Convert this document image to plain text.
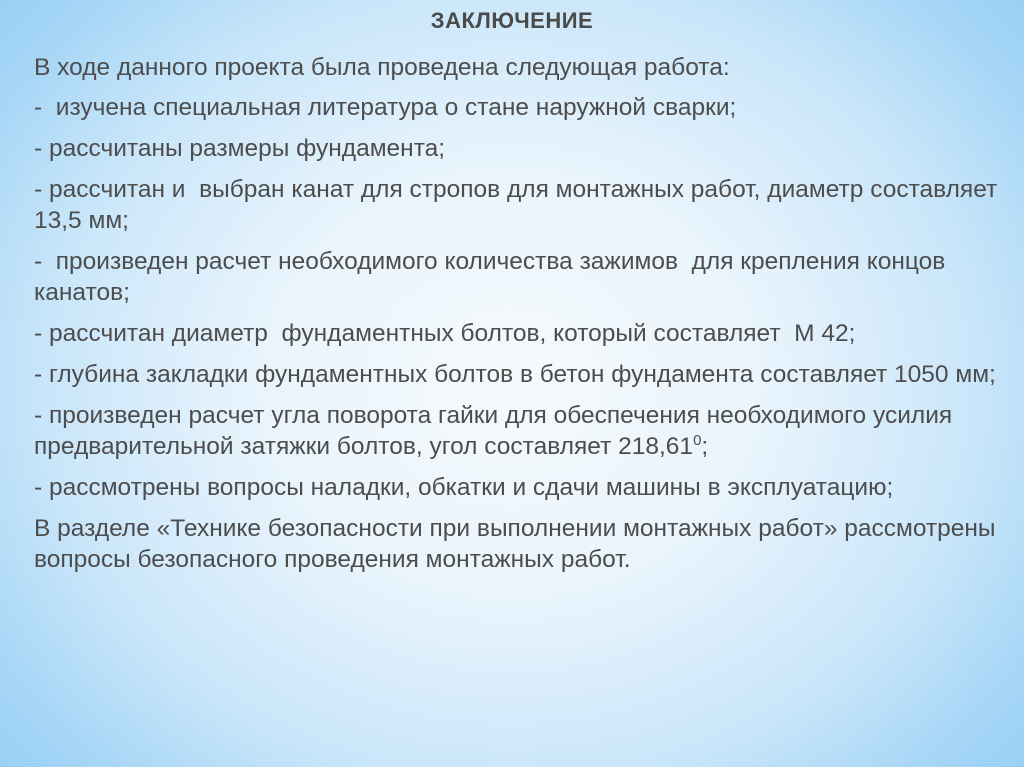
ЗАКЛЮЧЕНИЕ

В ходе данного проекта была проведена следующая работа:

-  изучена специальная литература о стане наружной сварки;

- рассчитаны размеры фундамента;

- рассчитан и  выбран канат для стропов для монтажных работ, диаметр составляет 13,5 мм;

-  произведен расчет необходимого количества зажимов  для крепления концов канатов;

- рассчитан диаметр  фундаментных болтов, который составляет  М 42;

- глубина закладки фундаментных болтов в бетон фундамента составляет 1050 мм;

- произведен расчет угла поворота гайки для обеспечения необходимого усилия предварительной затяжки болтов, угол составляет 218,61$^0$;

- рассмотрены вопросы наладки, обкатки и сдачи машины в эксплуатацию;

В разделе «Технике безопасности при выполнении монтажных работ» рассмотрены вопросы безопасного проведения монтажных работ.
